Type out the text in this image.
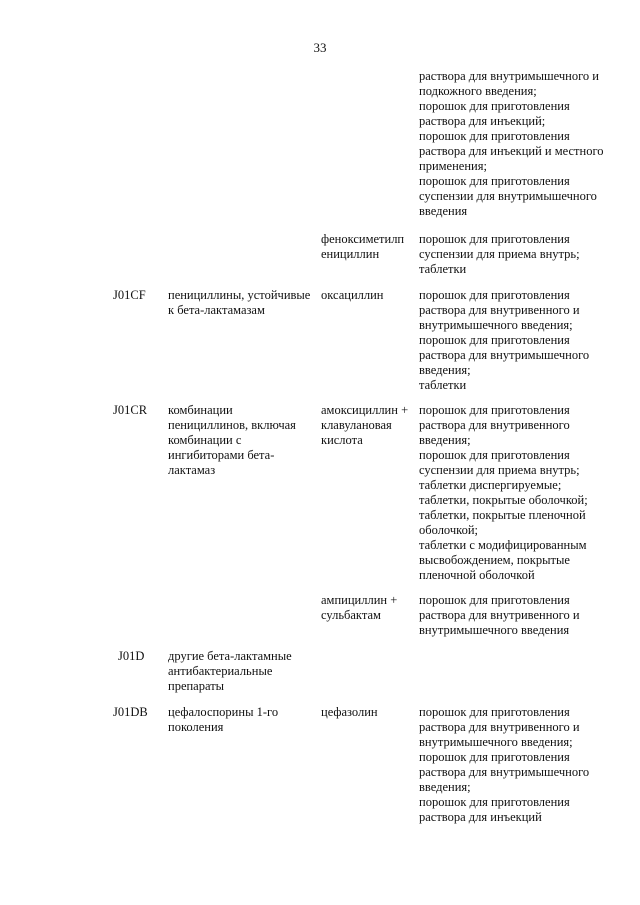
33
раствора для внутримышечного и
подкожного введения;
порошок для приготовления
раствора для инъекций;
порошок для приготовления
раствора для инъекций и местного
применения;
порошок для приготовления
суспензии для внутримышечного
введения
феноксиметилп
енициллин
порошок для приготовления
суспензии для приема внутрь;
таблетки
J01CF пенициллины, устойчивые
к бета-лактамазам
оксациллин	порошок для приготовления
раствора для внутривенного и
внутримышечного введения;
порошок для приготовления
раствора для внутримышечного
введения;
таблетки
J01CR комбинации
пенициллинов, включая
комбинации с
ингибиторами бета-
лактамаз
амоксициллин +
клавулановая
кислота
порошок для приготовления
раствора для внутривенного
введения;
порошок для приготовления
суспензии для приема внутрь;
таблетки диспергируемые;
таблетки, покрытые оболочкой;
таблетки, покрытые пленочной
оболочкой;
таблетки с модифицированным
высвобождением, покрытые
пленочной оболочкой
ампициллин +
сульбактам
порошок для приготовления
раствора для внутривенного и
внутримышечного введения
J01D другие бета-лактамные
антибактериальные
препараты
J01DB цефалоспорины 1-го
поколения
цефазолин	порошок для приготовления
раствора для внутривенного и
внутримышечного введения;
порошок для приготовления
раствора для внутримышечного
введения;
порошок для приготовления
раствора для инъекций
